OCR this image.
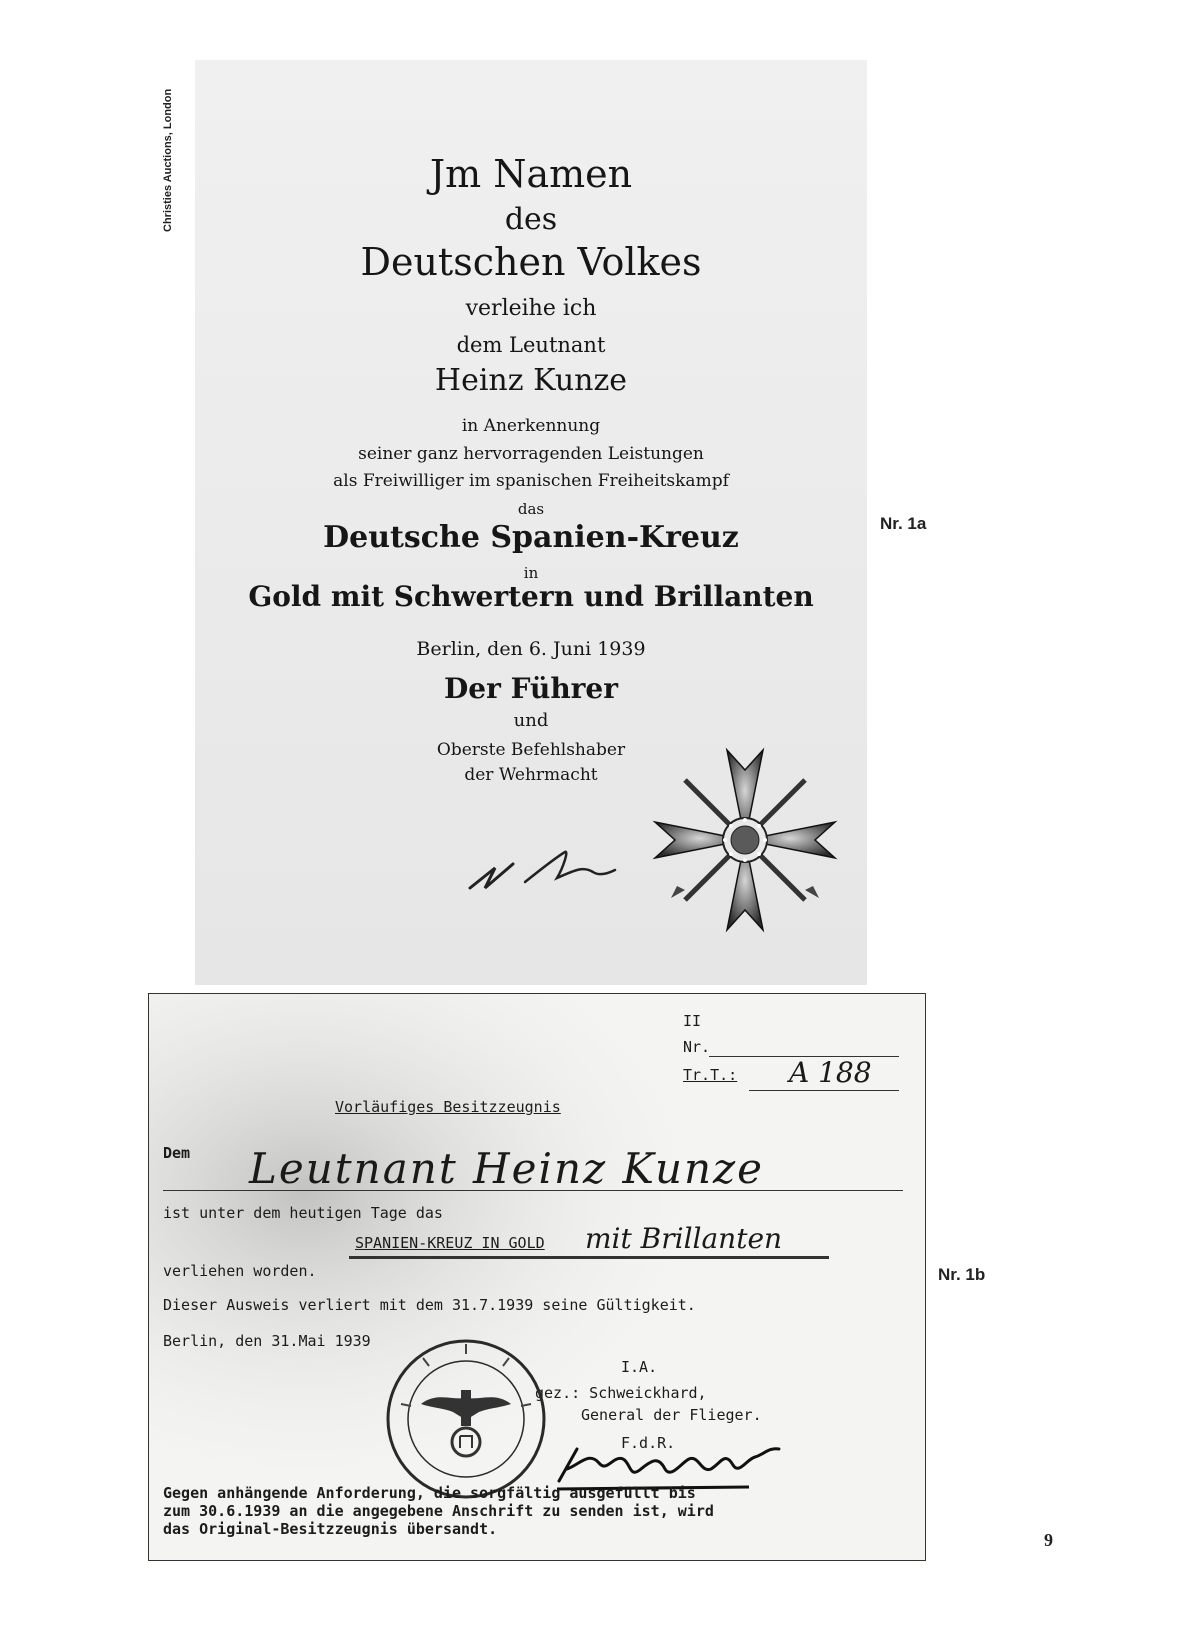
Christies Auctions, London	Jm Namen
des
Deutschen Volkes
verleihe ich
dem Leutnant
Heinz Kunze
in Anerkennung
seiner ganz hervorragenden Leistungen
als Freiwilliger im spanischen Freiheitskampf
das
Deutsche Spanien-Kreuz
in
Gold mit Schwertern und Brillanten
Berlin, den 6. Juni 1939
Der Führer
und
Oberste Befehlshaber
der Wehrmacht
Nr. 1a
II
Nr.
Tr.T.: A 188
Vorläufiges Besitzzeugnis
Dem Leutnant Heinz Kunze
ist unter dem heutigen Tage das
SPANIEN-KREUZ IN GOLD mit Brillanten
verliehen worden.
Dieser Ausweis verliert mit dem 31.7.1939 seine Gültigkeit.
Berlin, den 31.Mai 1939
I.A.
gez.: Schweickhard,
General der Flieger.
F.d.R.
Gegen anhängende Anforderung, die sorgfältig ausgefüllt bis
zum 30.6.1939 an die angegebene Anschrift zu senden ist, wird
das Original-Besitzzeugnis übersandt.
Nr. 1b
9
